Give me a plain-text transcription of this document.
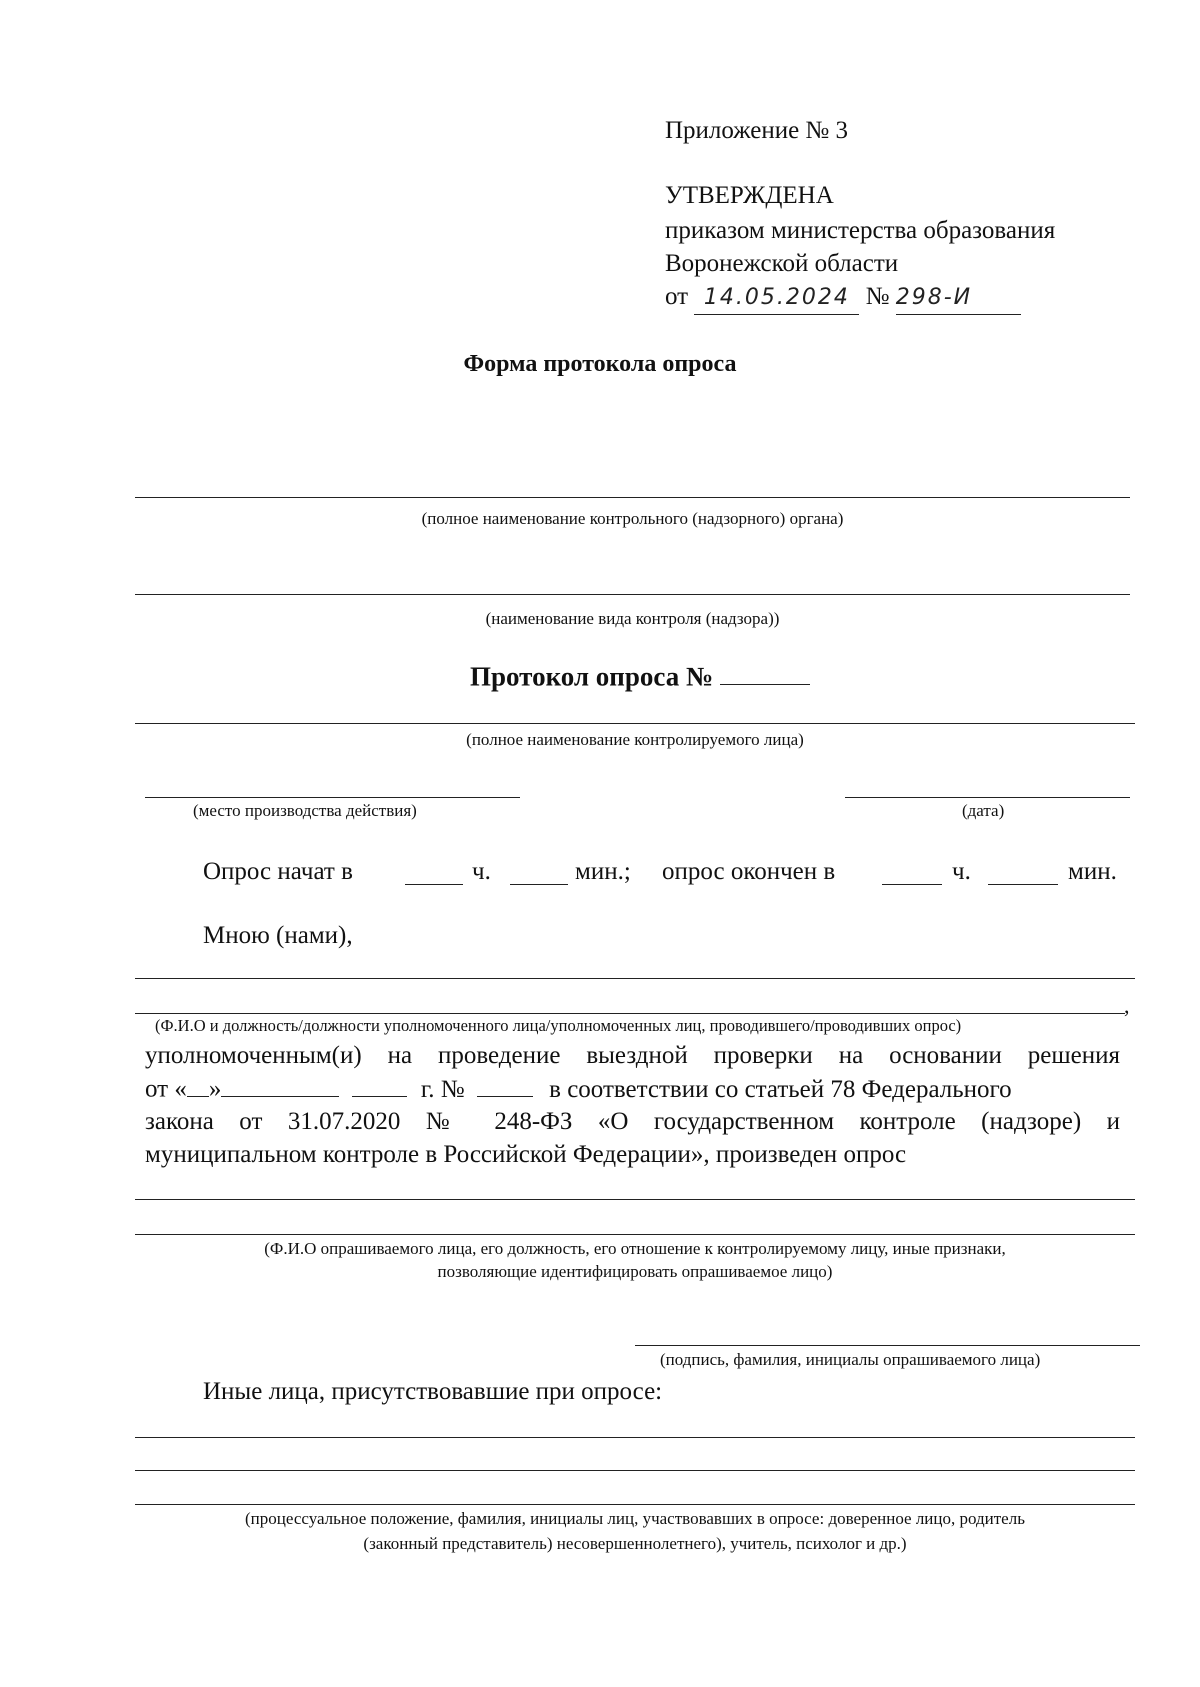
Приложение № 3
УТВЕРЖДЕНА
приказом министерства образования
Воронежской области
от 14.05.2024 № 298-И
Форма протокола опроса
(полное наименование контрольного (надзорного) органа)
(наименование вида контроля (надзора))
Протокол опроса №
(полное наименование контролируемого лица)
(место производства действия)	(дата)
Опрос начат в	ч.	мин.; опрос окончен в	ч.	мин.
Мною (нами),
,
(Ф.И.О и должность/должности уполномоченного лица/уполномоченных лиц, проводившего/проводивших опрос)
уполномоченным(и) на проведение выездной проверки на основании решения
от « »	г. №	в соответствии со статьей 78 Федерального
закона от 31.07.2020 № 248-ФЗ «О государственном контроле (надзоре) и
муниципальном контроле в Российской Федерации», произведен опрос
(Ф.И.О опрашиваемого лица, его должность, его отношение к контролируемому лицу, иные признаки,
позволяющие идентифицировать опрашиваемое лицо)
(подпись, фамилия, инициалы опрашиваемого лица)
Иные лица, присутствовавшие при опросе:
(процессуальное положение, фамилия, инициалы лиц, участвовавших в опросе: доверенное лицо, родитель
(законный представитель) несовершеннолетнего), учитель, психолог и др.)
